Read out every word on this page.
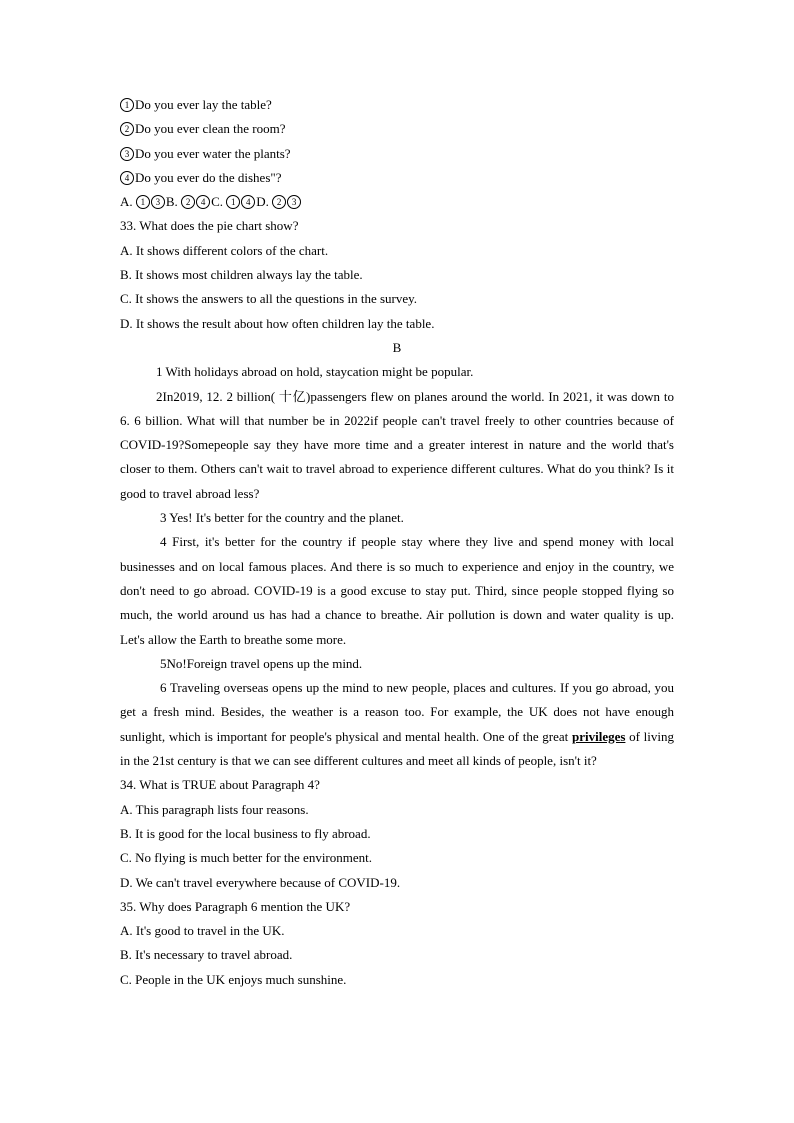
1 Do you ever lay the table?
2 Do you ever clean the room?
3 Do you ever water the plants?
4 Do you ever do the dishes"?
A. 1 3 B. 2 4 C. 1 4 D. 2 3
33. What does the pie chart show?
A. It shows different colors of the chart.
B. It shows most children always lay the table.
C. It shows the answers to all the questions in the survey.
D. It shows the result about how often children lay the table.
B
1 With holidays abroad on hold, staycation might be popular.
2In2019, 12. 2 billion( 十亿)passengers flew on planes around the world. In 2021, it was down to 6. 6 billion. What will that number be in 2022if people can't travel freely to other countries because of COVID-19?Somepeople say they have more time and a greater interest in nature and the world that's closer to them. Others can't wait to travel abroad to experience different cultures. What do you think? Is it good to travel abroad less?
3 Yes! It's better for the country and the planet.
4 First, it's better for the country if people stay where they live and spend money with local businesses and on local famous places. And there is so much to experience and enjoy in the country, we don't need to go abroad. COVID-19 is a good excuse to stay put. Third, since people stopped flying so much, the world around us has had a chance to breathe. Air pollution is down and water quality is up. Let's allow the Earth to breathe some more.
5No!Foreign travel opens up the mind.
6 Traveling overseas opens up the mind to new people, places and cultures. If you go abroad, you get a fresh mind. Besides, the weather is a reason too. For example, the UK does not have enough sunlight, which is important for people's physical and mental health. One of the great privileges of living in the 21st century is that we can see different cultures and meet all kinds of people, isn't it?
34. What is TRUE about Paragraph 4?
A. This paragraph lists four reasons.
B. It is good for the local business to fly abroad.
C. No flying is much better for the environment.
D. We can't travel everywhere because of COVID-19.
35. Why does Paragraph 6 mention the UK?
A. It's good to travel in the UK.
B. It's necessary to travel abroad.
C. People in the UK enjoys much sunshine.
